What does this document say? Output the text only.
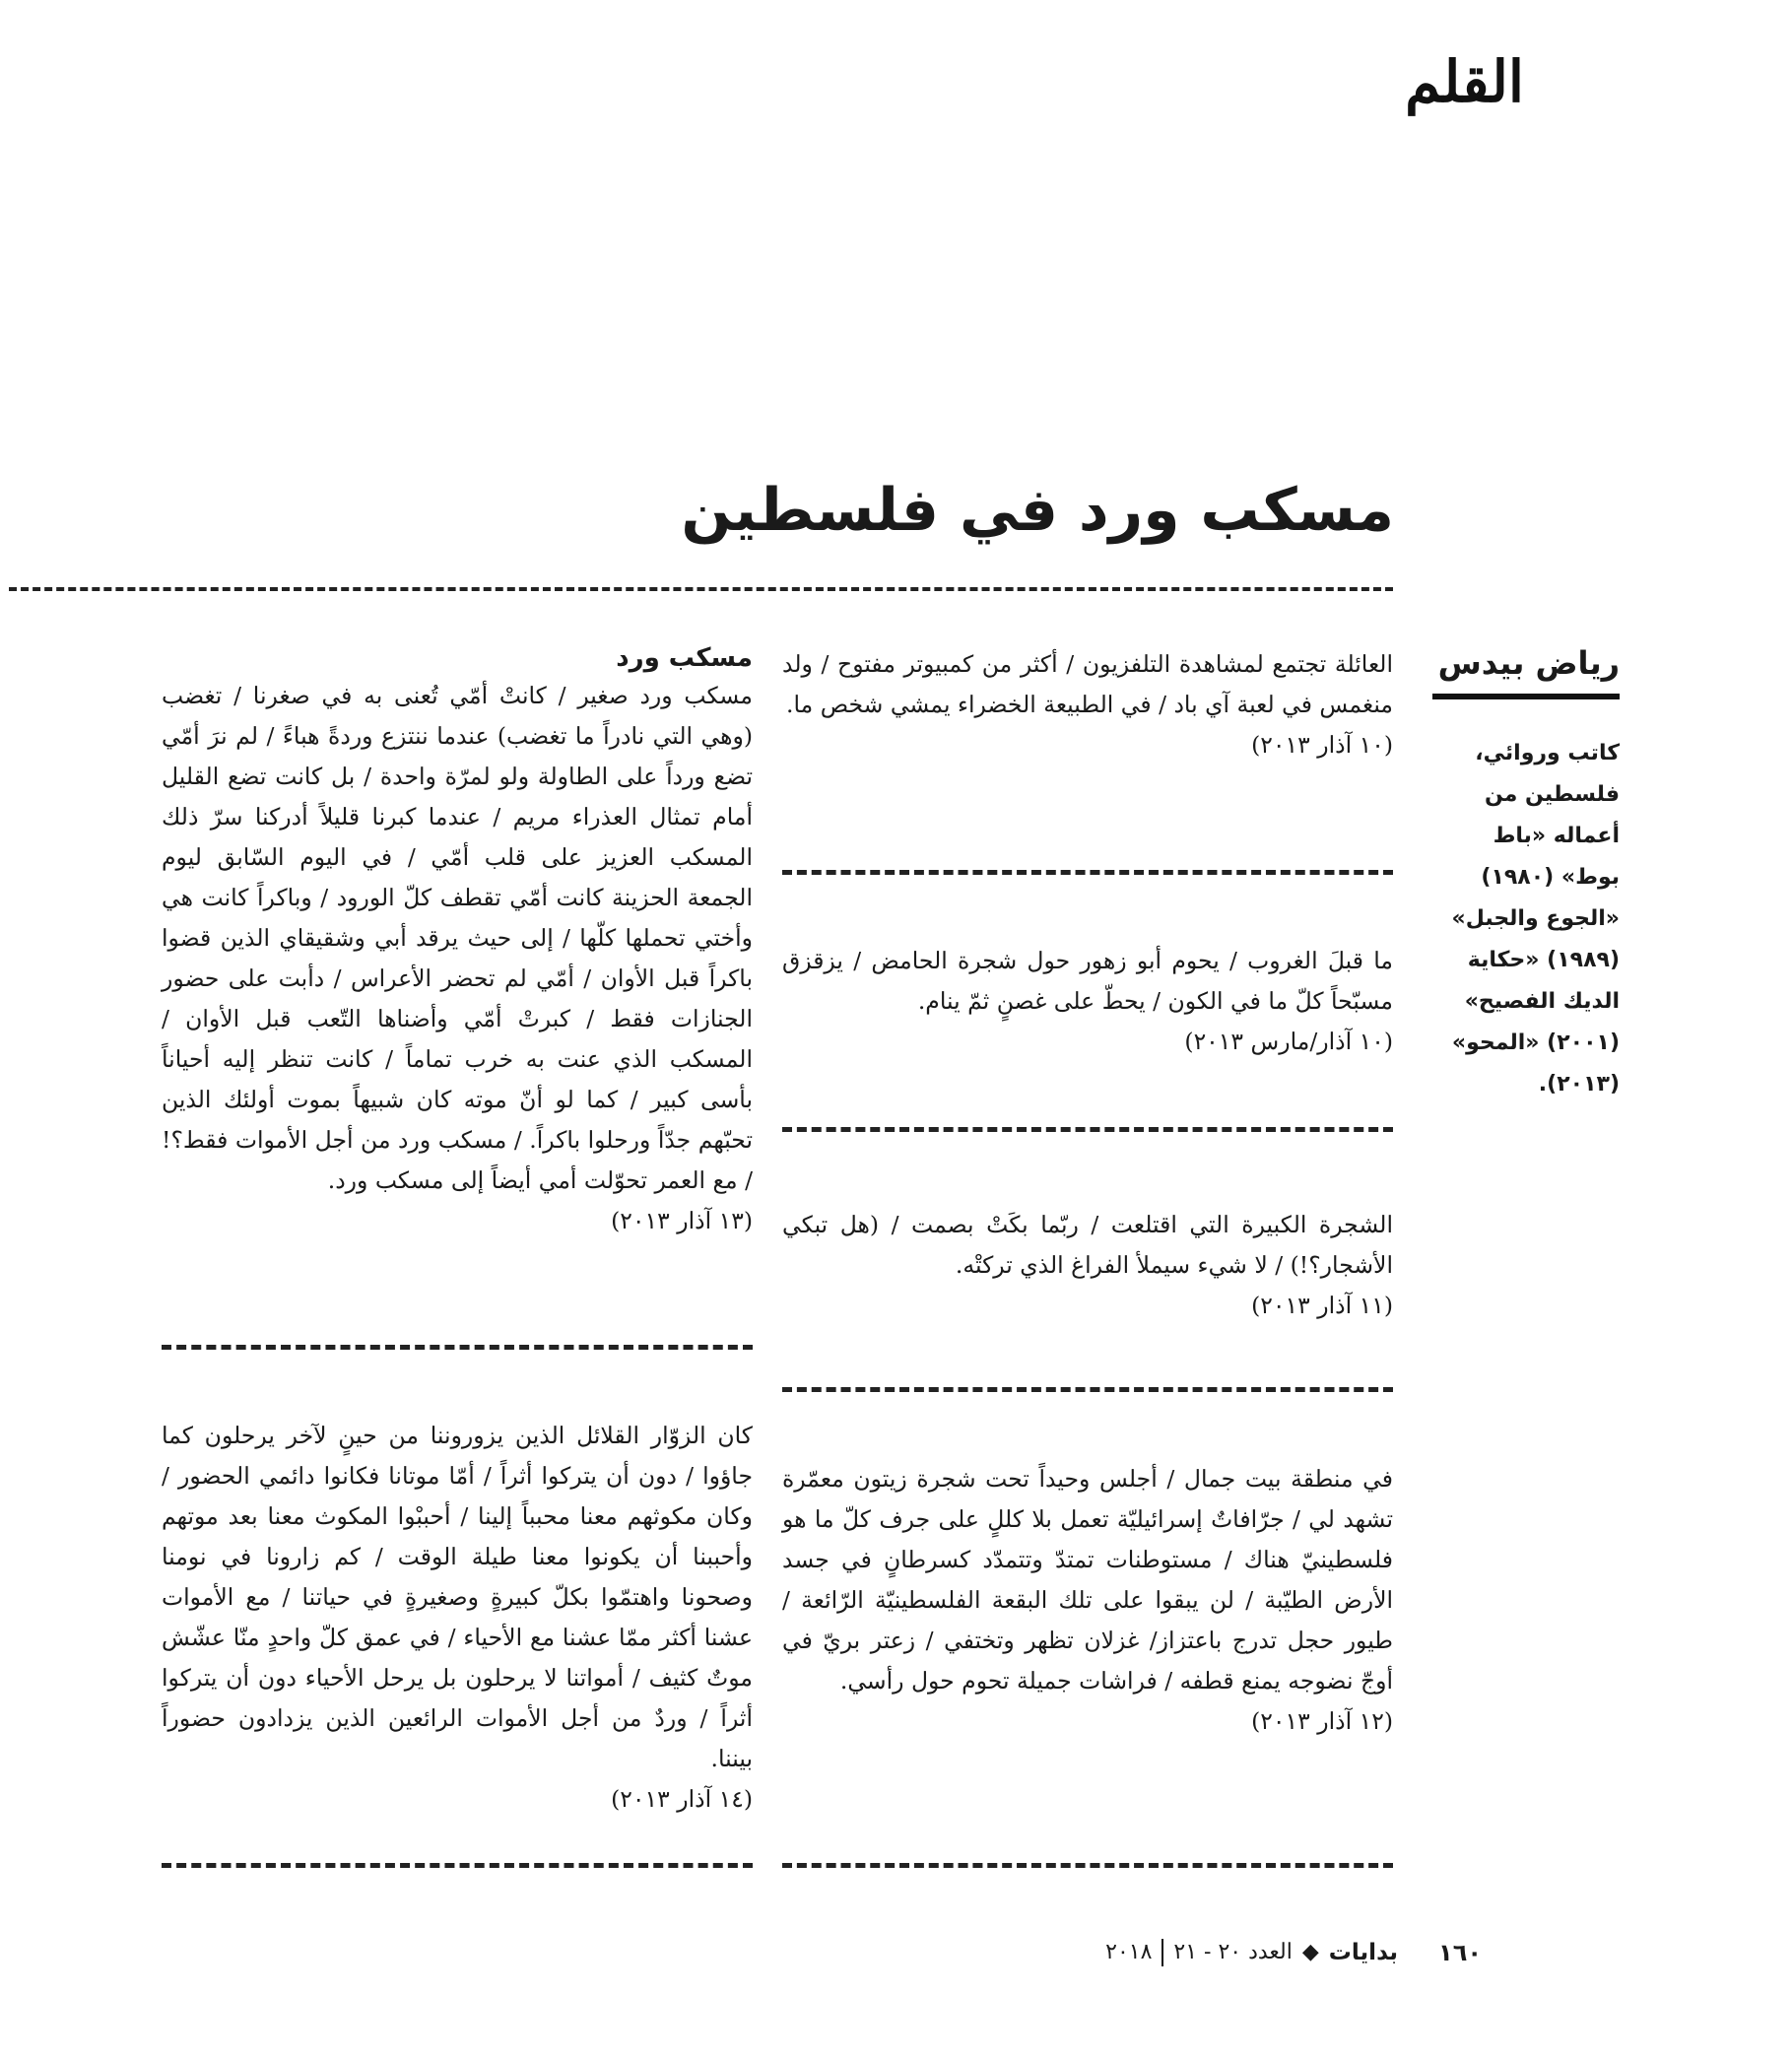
القلم
مسكب ورد في فلسطين
رياض بيدس
كاتب وروائي، فلسطين من أعماله «باط بوط» (١٩٨٠) «الجوع والجبل» (١٩٨٩) «حكاية الديك الفصيح» (٢٠٠١) «المحو» (٢٠١٣).

العائلة تجتمع لمشاهدة التلفزيون / أكثر من كمبيوتر مفتوح / ولد منغمس في لعبة آي باد / في الطبيعة الخضراء يمشي شخص ما.

(١٠ آذار ٢٠١٣)

ما قبلَ الغروب / يحوم أبو زهور حول شجرة الحامض / يزقزق مسبّحاً كلّ ما في الكون / يحطّ على غصنٍ ثمّ ينام.

(١٠ آذار/مارس ٢٠١٣)

الشجرة الكبيرة التي اقتلعت / ربّما بكَتْ بصمت / (هل تبكي الأشجار؟!) / لا شيء سيملأ الفراغ الذي تركتْه.

(١١ آذار ٢٠١٣)

في منطقة بيت جمال / أجلس وحيداً تحت شجرة زيتون معمّرة تشهد لي / جرّافاتٌ إسرائيليّة تعمل بلا كللٍ على جرف كلّ ما هو فلسطينيّ هناك / مستوطنات تمتدّ وتتمدّد كسرطانٍ في جسد الأرض الطيّبة / لن يبقوا على تلك البقعة الفلسطينيّة الرّائعة / طيور حجل تدرج باعتزاز/ غزلان تظهر وتختفي / زعتر بريّ في أوجّ نضوجه يمنع قطفه / فراشات جميلة تحوم حول رأسي.

(١٢ آذار ٢٠١٣)

مسكب ورد

مسكب ورد صغير / كانتْ أمّي تُعنى به في صغرنا / تغضب (وهي التي نادراً ما تغضب) عندما ننتزع وردةً هباءً / لم نرَ أمّي تضع ورداً على الطاولة ولو لمرّة واحدة / بل كانت تضع القليل أمام تمثال العذراء مريم / عندما كبرنا قليلاً أدركنا سرّ ذلك المسكب العزيز على قلب أمّي / في اليوم السّابق ليوم الجمعة الحزينة كانت أمّي تقطف كلّ الورود / وباكراً كانت هي وأختي تحملها كلّها / إلى حيث يرقد أبي وشقيقاي الذين قضوا باكراً قبل الأوان / أمّي لم تحضر الأعراس / دأبت على حضور الجنازات فقط / كبرتْ أمّي وأضناها التّعب قبل الأوان / المسكب الذي عنت به خرب تماماً / كانت تنظر إليه أحياناً بأسى كبير / كما لو أنّ موته كان شبيهاً بموت أولئك الذين تحبّهم جدّاً ورحلوا باكراً. / مسكب ورد من أجل الأموات فقط؟! / مع العمر تحوّلت أمي أيضاً إلى مسكب ورد.

(١٣ آذار ٢٠١٣)

كان الزوّار القلائل الذين يزوروننا من حينٍ لآخر يرحلون كما جاؤوا / دون أن يتركوا أثراً / أمّا موتانا فكانوا دائمي الحضور / وكان مكوثهم معنا محبباً إلينا / أحببْوا المكوث معنا بعد موتهم وأحببنا أن يكونوا معنا طيلة الوقت / كم زارونا في نومنا وصحونا واهتمّوا بكلّ كبيرةٍ وصغيرةٍ في حياتنا / مع الأموات عشنا أكثر ممّا عشنا مع الأحياء / في عمق كلّ واحدٍ منّا عشّش موتٌ كثيف / أمواتنا لا يرحلون بل يرحل الأحياء دون أن يتركوا أثراً / وردٌ من أجل الأموات الرائعين الذين يزدادون حضوراً بيننا.

(١٤ آذار ٢٠١٣)

١٦٠
بدايات
◆
العدد ٢٠ - ٢١
٢٠١٨
